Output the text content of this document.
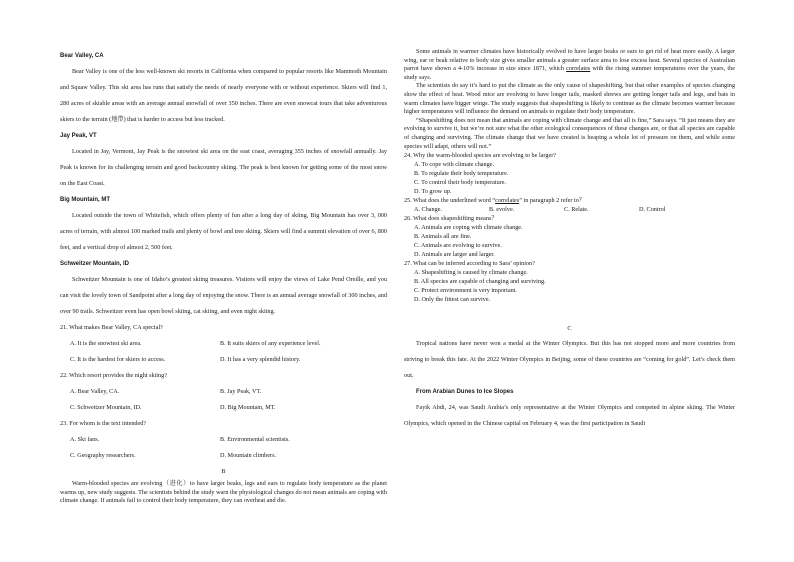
Bear Valley, CA

Bear Valley is one of the less well-known ski resorts in California when compared to popular resorts like Mammoth Mountain and Squaw Valley. This ski area has runs that satisfy the needs of nearly everyone with or without experience. Skiers will find 1, 280 acres of skiable areas with an average annual snowfall of over 350 inches. There are even snowcat tours that take adventurous skiers to the terrain (地带) that is harder to access but less tracked.

Jay Peak, VT

Located in Jay, Vermont, Jay Peak is the snowiest ski area on the east coast, averaging 355 inches of snowfall annually. Jay Peak is known for its challenging terrain and good backcountry skiing. The peak is best known for getting some of the most snow on the East Coast.

Big Mountain, MT

Located outside the town of Whitefish, which offers plenty of fun after a long day of skiing, Big Mountain has over 3, 000 acres of terrain, with almost 100 marked trails and plenty of bowl and tree skiing. Skiers will find a summit elevation of over 6, 800 feet, and a vertical drop of almost 2, 500 feet.

Schweitzer Mountain, ID

Schweitzer Mountain is one of Idaho’s greatest skiing treasures. Visitors will enjoy the views of Lake Pend Oreille, and you can visit the lovely town of Sandpoint after a long day of enjoying the snow. There is an annual average snowfall of 300 inches, and over 90 trails. Schweitzer even has open bowl skiing, cat skiing, and even night skiing.

21. What makes Bear Valley, CA special?

A. It is the snowiest ski area.	B. It suits skiers of any experience level.
C. It is the hardest for skiers to access.	D. It has a very splendid history.

22. Which resort provides the night skiing?

A. Bear Valley, CA.	B. Jay Peak, VT.
C. Schweitzer Mountain, ID.	D. Big Mountain, MT.

23. For whom is the text intended?

A. Ski fans.	B. Environmental scientists.
C. Geography researchers.	D. Mountain climbers.

B

Warm-blooded species are evolving（进化）to have larger beaks, legs and ears to regulate body temperature as the planet warms up, new study suggests. The scientists behind the study warn the physiological changes do not mean animals are coping with climate change. If animals fail to control their body temperature, they can overheat and die.

Some animals in warmer climates have historically evolved to have larger beaks or ears to get rid of heat more easily. A larger wing, ear or beak relative to body size gives smaller animals a greater surface area to lose excess heat. Several species of Australian parrot have shown a 4-10% increase in size since 1871, which correlates with the rising summer temperatures over the years, the study says.

The scientists do say it’s hard to put the climate as the only cause of shapeshifting, but that other examples of species changing show the effect of heat. Wood mice are evolving to have longer tails, masked shrews are getting longer tails and legs, and bats in warm climates have bigger wings. The study suggests that shapeshifting is likely to continue as the climate becomes warmer because higher temperatures will influence the demand on animals to regulate their body temperature.

“Shapeshifting does not mean that animals are coping with climate change and that all is fine,” Sara says. “It just means they are evolving to survive it, but we’re not sure what the other ecological consequences of these changes are, or that all species are capable of changing and surviving. The climate change that we have created is heaping a whole lot of pressure on them, and while some species will adapt, others will not.”

24. Why the warm-blooded species are evolving to be larger?

A. To cope with climate change.

B. To regulate their body temperature.

C. To control their body temperature.

D. To grow up.

25. What does the underlined word “correlates” in paragraph 2 refer to？

A. Change.	B. evolve.	C. Relate.	D. Control

26. What does shapeshifting means？

A. Animals are coping with climate change.

B. Animals all are fine.

C. Animals are evolving to survive.

D. Animals are larger and larger.

27. What can be inferred according to Sara’ opinion?

A. Shapeshifting is caused by climate change.

B. All species are capable of changing and surviving.

C. Protect environment is very important.

D. Only the fittest can survive.

C

Tropical nations have never won a medal at the Winter Olympics. But this has not stopped more and more countries from striving to break this fate. At the 2022 Winter Olympics in Beijing, some of these countries are “coming for gold”. Let’s check them out.

From Arabian Dunes to Ice Slopes

Fayik Abdi, 24, was Saudi Arabia’s only representative at the Winter Olympics and competed in alpine skiing. The Winter Olympics, which opened in the Chinese capital on February 4, was the first participation in Saudi
